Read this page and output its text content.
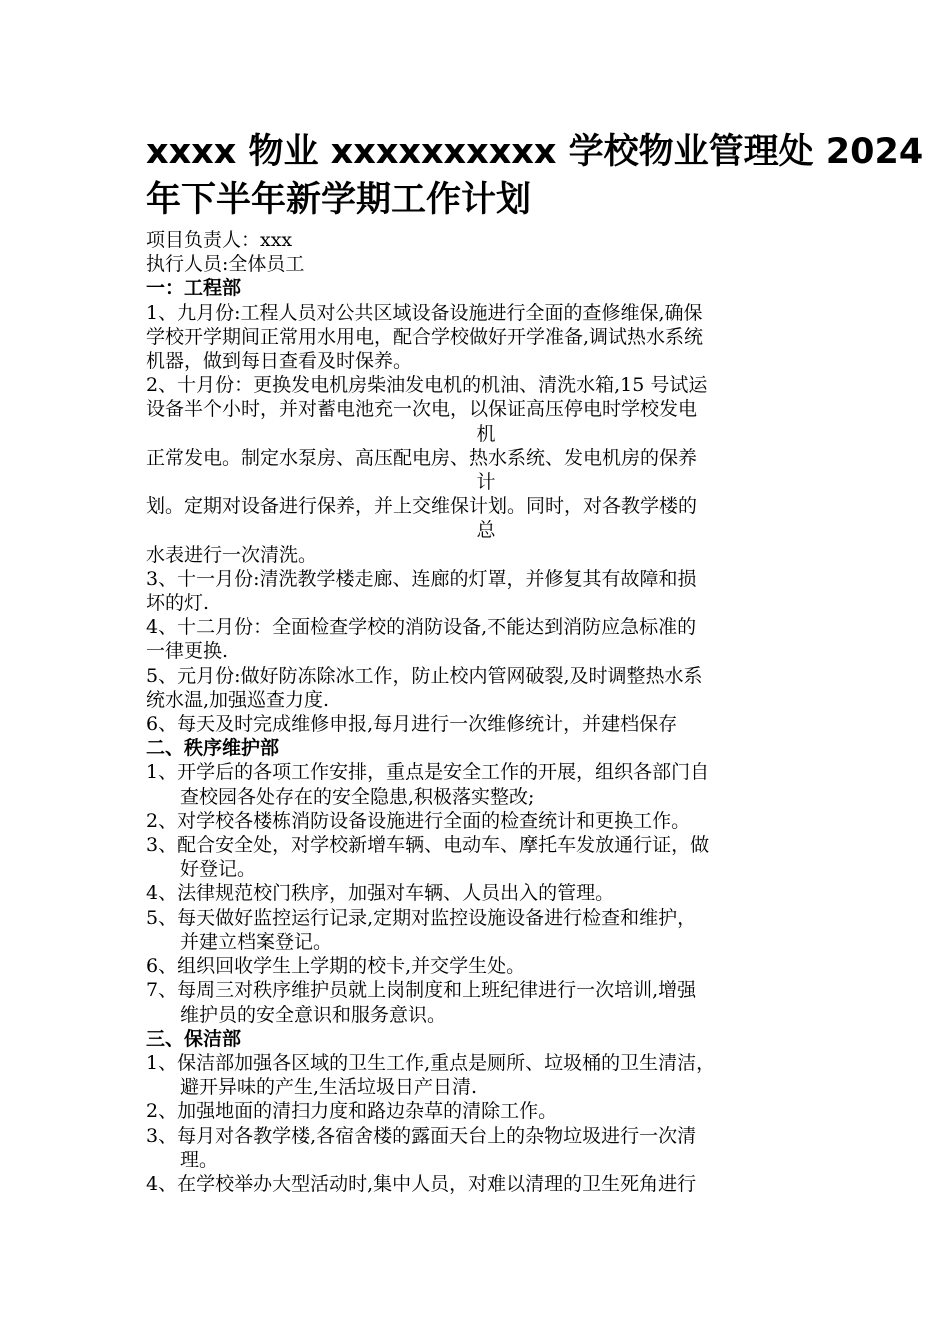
xxxx 物业 xxxxxxxxxx 学校物业管理处 2024
年下半年新学期工作计划
项目负责人：xxx
执行人员:全体员工
一：工程部
1、九月份:工程人员对公共区域设备设施进行全面的查修维保,确保
学校开学期间正常用水用电，配合学校做好开学准备,调试热水系统
机器，做到每日查看及时保养。
2、十月份：更换发电机房柴油发电机的机油、清洗水箱,15 号试运
设备半个小时，并对蓄电池充一次电，以保证高压停电时学校发电
机
正常发电。制定水泵房、高压配电房、热水系统、发电机房的保养
计
划。定期对设备进行保养，并上交维保计划。同时，对各教学楼的
总
水表进行一次清洗。
3、十一月份:清洗教学楼走廊、连廊的灯罩，并修复其有故障和损
坏的灯.
4、十二月份：全面检查学校的消防设备,不能达到消防应急标准的
一律更换.
5、元月份:做好防冻除冰工作，防止校内管网破裂,及时调整热水系
统水温,加强巡查力度.
6、每天及时完成维修申报,每月进行一次维修统计，并建档保存
二、秩序维护部
1、开学后的各项工作安排，重点是安全工作的开展，组织各部门自
查校园各处存在的安全隐患,积极落实整改;
2、对学校各楼栋消防设备设施进行全面的检查统计和更换工作。
3、配合安全处，对学校新增车辆、电动车、摩托车发放通行证，做
好登记。
4、法律规范校门秩序，加强对车辆、人员出入的管理。
5、每天做好监控运行记录,定期对监控设施设备进行检查和维护，
并建立档案登记。
6、组织回收学生上学期的校卡,并交学生处。
7、每周三对秩序维护员就上岗制度和上班纪律进行一次培训,增强
维护员的安全意识和服务意识。
三、保洁部
1、保洁部加强各区域的卫生工作,重点是厕所、垃圾桶的卫生清洁，
避开异味的产生,生活垃圾日产日清.
2、加强地面的清扫力度和路边杂草的清除工作。
3、每月对各教学楼,各宿舍楼的露面天台上的杂物垃圾进行一次清
理。
4、在学校举办大型活动时,集中人员，对难以清理的卫生死角进行
